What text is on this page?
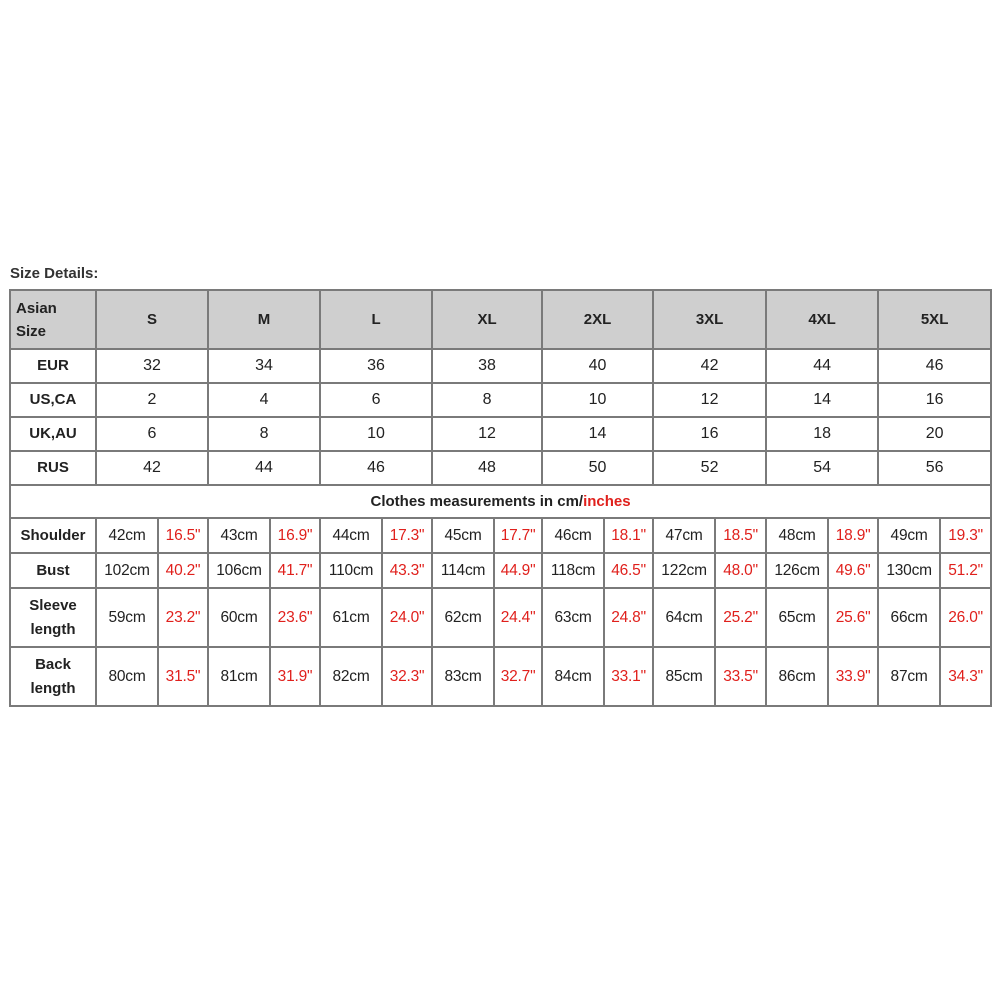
Size Details:
Asian
Size	S		M		L		XL		2XL		3XL		4XL		5XL	
EUR	32		34		36		38		40		42		44		46	
US,CA	2		4		6		8		10		12		14		16	
UK,AU	6		8		10		12		14		16		18		20	
RUS	42		44		46		48		50		52		54		56	
Clothes measurements in cm/inches																
Shoulder	42cm	16.5"	43cm	16.9"	44cm	17.3"	45cm	17.7"	46cm	18.1"	47cm	18.5"	48cm	18.9"	49cm	19.3"
Bust	102cm	40.2"	106cm	41.7"	110cm	43.3"	114cm	44.9"	118cm	46.5"	122cm	48.0"	126cm	49.6"	130cm	51.2"
Sleeve
length	59cm	23.2"	60cm	23.6"	61cm	24.0"	62cm	24.4"	63cm	24.8"	64cm	25.2"	65cm	25.6"	66cm	26.0"
Back
length	80cm	31.5"	81cm	31.9"	82cm	32.3"	83cm	32.7"	84cm	33.1"	85cm	33.5"	86cm	33.9"	87cm	34.3"
